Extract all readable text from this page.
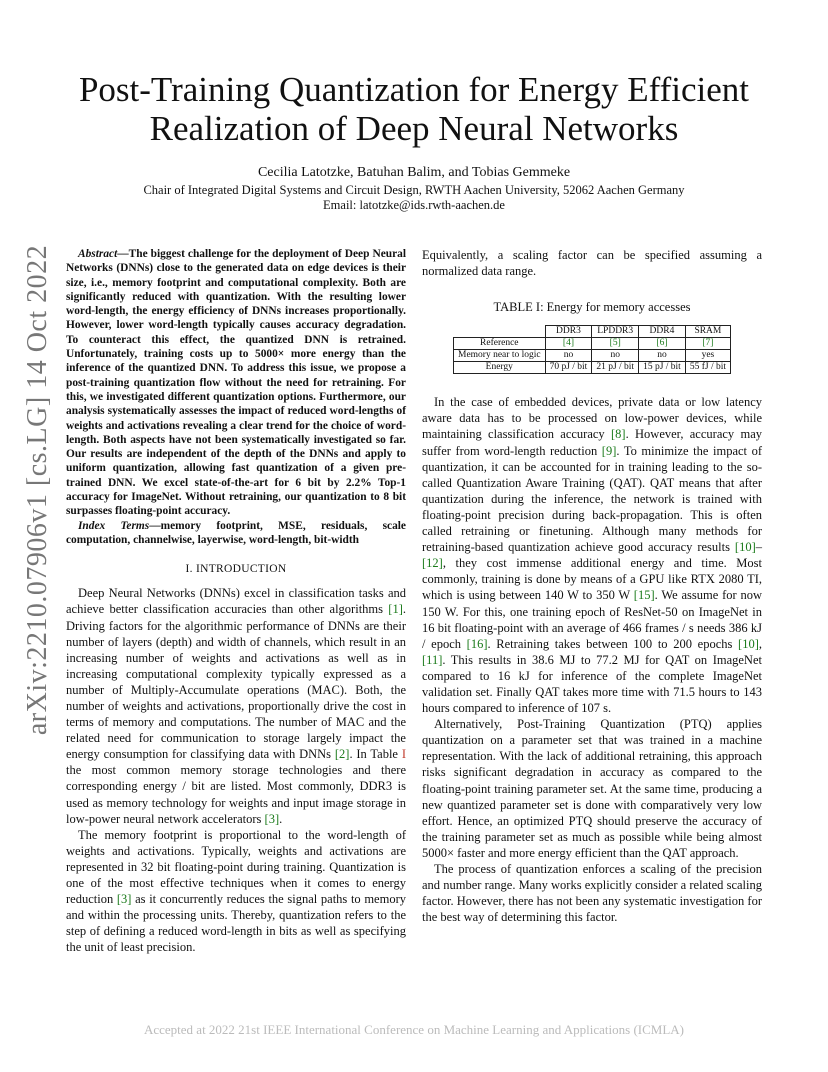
arXiv:2210.07906v1 [cs.LG] 14 Oct 2022
Post-Training Quantization for Energy Efficient
Realization of Deep Neural Networks
Cecilia Latotzke, Batuhan Balim, and Tobias Gemmeke
Chair of Integrated Digital Systems and Circuit Design, RWTH Aachen University, 52062 Aachen Germany
Email: latotzke@ids.rwth-aachen.de

Abstract—The biggest challenge for the deployment of Deep Neural Networks (DNNs) close to the generated data on edge devices is their size, i.e., memory footprint and computational complexity. Both are significantly reduced with quantization. With the resulting lower word-length, the energy efficiency of DNNs increases proportionally. However, lower word-length typically causes accuracy degradation. To counteract this effect, the quantized DNN is retrained. Unfortunately, training costs up to 5000× more energy than the inference of the quantized DNN. To address this issue, we propose a post-training quantization flow without the need for retraining. For this, we investigated different quantization options. Furthermore, our analysis systematically assesses the impact of reduced word-lengths of weights and activations revealing a clear trend for the choice of word-length. Both aspects have not been systematically investigated so far. Our results are independent of the depth of the DNNs and apply to uniform quantization, allowing fast quantization of a given pre-trained DNN. We excel state-of-the-art for 6 bit by 2.2% Top-1 accuracy for ImageNet. Without retraining, our quantization to 8 bit surpasses floating-point accuracy.

Index Terms—memory footprint, MSE, residuals, scale computation, channelwise, layerwise, word-length, bit-width

I. INTRODUCTION

Deep Neural Networks (DNNs) excel in classification tasks and achieve better classification accuracies than other algorithms [1]. Driving factors for the algorithmic performance of DNNs are their number of layers (depth) and width of channels, which result in an increasing number of weights and activations as well as in increasing computational complexity typically expressed as a number of Multiply-Accumulate operations (MAC). Both, the number of weights and activations, proportionally drive the cost in terms of memory and computations. The number of MAC and the related need for communication to storage largely impact the energy consumption for classifying data with DNNs [2]. In Table I the most common memory storage technologies and there corresponding energy / bit are listed. Most commonly, DDR3 is used as memory technology for weights and input image storage in low-power neural network accelerators [3].

The memory footprint is proportional to the word-length of weights and activations. Typically, weights and activations are represented in 32 bit floating-point during training. Quantization is one of the most effective techniques when it comes to energy reduction [3] as it concurrently reduces the signal paths to memory and within the processing units. Thereby, quantization refers to the step of defining a reduced word-length in bits as well as specifying the unit of least precision.

Equivalently, a scaling factor can be specified assuming a normalized data range.

TABLE I: Energy for memory accesses
	DDR3	LPDDR3	DDR4	SRAM
Reference	[4]	[5]	[6]	[7]
Memory near to logic	no	no	no	yes
Energy	70 pJ / bit	21 pJ / bit	15 pJ / bit	55 fJ / bit

In the case of embedded devices, private data or low latency aware data has to be processed on low-power devices, while maintaining classification accuracy [8]. However, accuracy may suffer from word-length reduction [9]. To minimize the impact of quantization, it can be accounted for in training leading to the so-called Quantization Aware Training (QAT). QAT means that after quantization during the inference, the network is trained with floating-point precision during back-propagation. This is often called retraining or finetuning. Although many methods for retraining-based quantization achieve good accuracy results [10]–[12], they cost immense additional energy and time. Most commonly, training is done by means of a GPU like RTX 2080 TI, which is using between 140 W to 350 W [15]. We assume for now 150 W. For this, one training epoch of ResNet-50 on ImageNet in 16 bit floating-point with an average of 466 frames / s needs 386 kJ / epoch [16]. Retraining takes between 100 to 200 epochs [10], [11]. This results in 38.6 MJ to 77.2 MJ for QAT on ImageNet compared to 16 kJ for inference of the complete ImageNet validation set. Finally QAT takes more time with 71.5 hours to 143 hours compared to inference of 107 s.

Alternatively, Post-Training Quantization (PTQ) applies quantization on a parameter set that was trained in a machine representation. With the lack of additional retraining, this approach risks significant degradation in accuracy as compared to the floating-point training parameter set. At the same time, producing a new quantized parameter set is done with comparatively very low effort. Hence, an optimized PTQ should preserve the accuracy of the training parameter set as much as possible while being almost 5000× faster and more energy efficient than the QAT approach.

The process of quantization enforces a scaling of the precision and number range. Many works explicitly consider a related scaling factor. However, there has not been any systematic investigation for the best way of determining this factor.

Accepted at 2022 21st IEEE International Conference on Machine Learning and Applications (ICMLA)
